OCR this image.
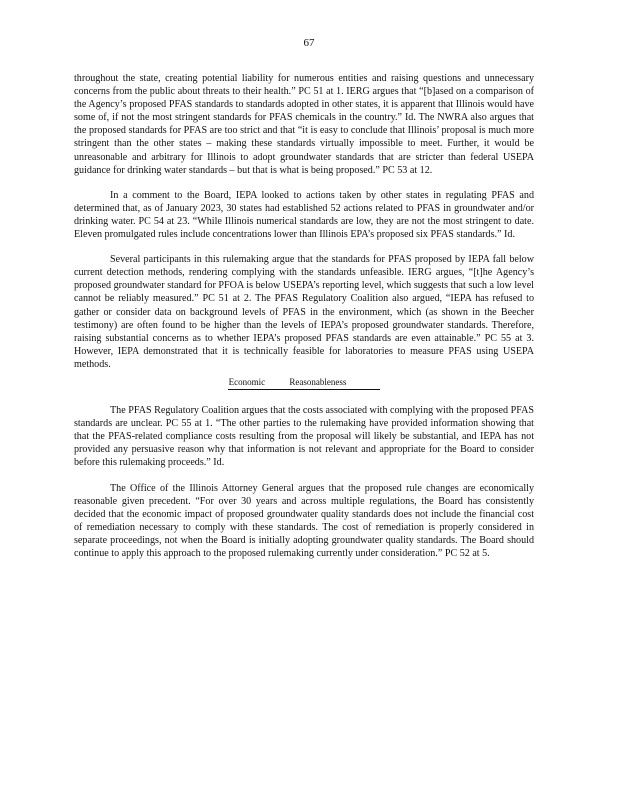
67

throughout the state, creating potential liability for numerous entities and raising questions and unnecessary concerns from the public about threats to their health.” PC 51 at 1. IERG argues that “[b]ased on a comparison of the Agency’s proposed PFAS standards to standards adopted in other states, it is apparent that Illinois would have some of, if not the most stringent standards for PFAS chemicals in the country.” Id. The NWRA also argues that the proposed standards for PFAS are too strict and that “it is easy to conclude that Illinois’ proposal is much more stringent than the other states – making these standards virtually impossible to meet. Further, it would be unreasonable and arbitrary for Illinois to adopt groundwater standards that are stricter than federal USEPA guidance for drinking water standards – but that is what is being proposed.” PC 53 at 12.

In a comment to the Board, IEPA looked to actions taken by other states in regulating PFAS and determined that, as of January 2023, 30 states had established 52 actions related to PFAS in groundwater and/or drinking water. PC 54 at 23. “While Illinois numerical standards are low, they are not the most stringent to date. Eleven promulgated rules include concentrations lower than Illinois EPA’s proposed six PFAS standards.” Id.

Several participants in this rulemaking argue that the standards for PFAS proposed by IEPA fall below current detection methods, rendering complying with the standards unfeasible. IERG argues, “[t]he Agency’s proposed groundwater standard for PFOA is below USEPA’s reporting level, which suggests that such a low level cannot be reliably measured.” PC 51 at 2. The PFAS Regulatory Coalition also argued, “IEPA has refused to gather or consider data on background levels of PFAS in the environment, which (as shown in the Beecher testimony) are often found to be higher than the levels of IEPA’s proposed groundwater standards. Therefore, raising substantial concerns as to whether IEPA’s proposed PFAS standards are even attainable.” PC 55 at 3. However, IEPA demonstrated that it is technically feasible for laboratories to measure PFAS using USEPA methods.

Economic Reasonableness

The PFAS Regulatory Coalition argues that the costs associated with complying with the proposed PFAS standards are unclear. PC 55 at 1. “The other parties to the rulemaking have provided information showing that that the PFAS-related compliance costs resulting from the proposal will likely be substantial, and IEPA has not provided any persuasive reason why that information is not relevant and appropriate for the Board to consider before this rulemaking proceeds.” Id.

The Office of the Illinois Attorney General argues that the proposed rule changes are economically reasonable given precedent. “For over 30 years and across multiple regulations, the Board has consistently decided that the economic impact of proposed groundwater quality standards does not include the financial cost of remediation necessary to comply with these standards. The cost of remediation is properly considered in separate proceedings, not when the Board is initially adopting groundwater quality standards. The Board should continue to apply this approach to the proposed rulemaking currently under consideration.” PC 52 at 5.
